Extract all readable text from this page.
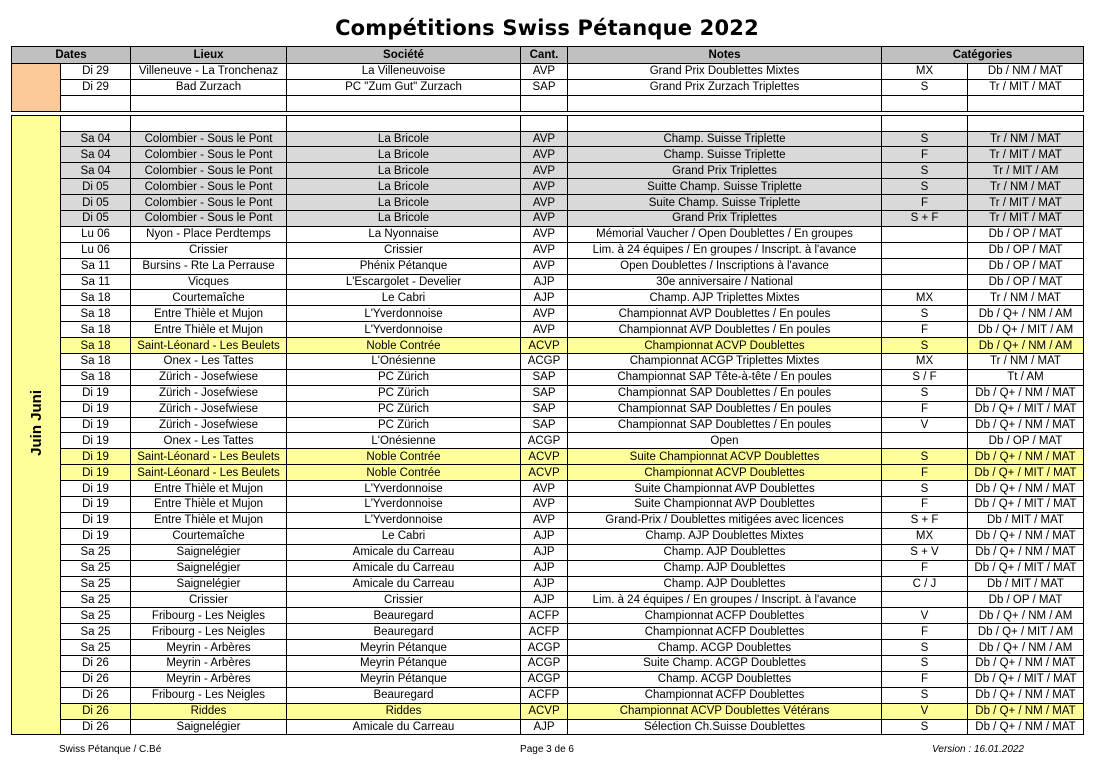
Compétitions Swiss Pétanque 2022
Dates		Lieux	Société	Cant.	Notes	Catégories	
	Di 29	Villeneuve - La Tronchenaz	La Villeneuvoise	AVP	Grand Prix Doublettes Mixtes	MX	Db / NM / MAT
	Di 29	Bad Zurzach	PC "Zum Gut" Zurzach	SAP	Grand Prix Zurzach Triplettes	S	Tr / MIT / MAT

Juin Juni							
	Sa 04	Colombier - Sous le Pont	La Bricole	AVP	Champ. Suisse Triplette	S	Tr / NM / MAT
	Sa 04	Colombier - Sous le Pont	La Bricole	AVP	Champ. Suisse Triplette	F	Tr / MIT / MAT
	Sa 04	Colombier - Sous le Pont	La Bricole	AVP	Grand Prix Triplettes	S	Tr / MIT / AM
	Di 05	Colombier - Sous le Pont	La Bricole	AVP	Suitte Champ. Suisse Triplette	S	Tr / NM / MAT
	Di 05	Colombier - Sous le Pont	La Bricole	AVP	Suite Champ. Suisse Triplette	F	Tr / MIT / MAT
	Di 05	Colombier - Sous le Pont	La Bricole	AVP	Grand Prix Triplettes	S + F	Tr / MIT / MAT
	Lu 06	Nyon - Place Perdtemps	La Nyonnaise	AVP	Mémorial Vaucher / Open Doublettes / En groupes		Db / OP / MAT
	Lu 06	Crissier	Crissier	AVP	Lim. à 24 équipes / En groupes / Inscript. à l'avance		Db / OP / MAT
	Sa 11	Bursins - Rte La Perrause	Phénix Pétanque	AVP	Open Doublettes / Inscriptions à l'avance		Db / OP / MAT
	Sa 11	Vicques	L'Escargolet - Develier	AJP	30e anniversaire / National		Db / OP / MAT
	Sa 18	Courtemaîche	Le Cabri	AJP	Champ. AJP Triplettes Mixtes	MX	Tr / NM / MAT
	Sa 18	Entre Thièle et Mujon	L'Yverdonnoise	AVP	Championnat AVP Doublettes / En poules	S	Db / Q+ / NM / AM
	Sa 18	Entre Thièle et Mujon	L'Yverdonnoise	AVP	Championnat AVP Doublettes / En poules	F	Db / Q+ / MIT / AM
	Sa 18	Saint-Léonard - Les Beulets	Noble Contrée	ACVP	Championnat ACVP Doublettes	S	Db / Q+ / NM / AM
	Sa 18	Onex - Les Tattes	L'Onésienne	ACGP	Championnat ACGP Triplettes Mixtes	MX	Tr / NM / MAT
	Sa 18	Zürich - Josefwiese	PC Zürich	SAP	Championnat SAP Tête-à-tête / En poules	S / F	Tt / AM
	Di 19	Zürich - Josefwiese	PC Zürich	SAP	Championnat SAP Doublettes / En poules	S	Db / Q+ / NM / MAT
	Di 19	Zürich - Josefwiese	PC Zürich	SAP	Championnat SAP Doublettes / En poules	F	Db / Q+ / MIT / MAT
	Di 19	Zürich - Josefwiese	PC Zürich	SAP	Championnat SAP Doublettes / En poules	V	Db / Q+ / NM / MAT
	Di 19	Onex - Les Tattes	L'Onésienne	ACGP	Open		Db / OP / MAT
	Di 19	Saint-Léonard - Les Beulets	Noble Contrée	ACVP	Suite Championnat ACVP Doublettes	S	Db / Q+ / NM / MAT
	Di 19	Saint-Léonard - Les Beulets	Noble Contrée	ACVP	Championnat ACVP Doublettes	F	Db / Q+ / MIT / MAT
	Di 19	Entre Thièle et Mujon	L'Yverdonnoise	AVP	Suite Championnat AVP Doublettes	S	Db / Q+ / NM / MAT
	Di 19	Entre Thièle et Mujon	L'Yverdonnoise	AVP	Suite Championnat AVP Doublettes	F	Db / Q+ / MIT / MAT
	Di 19	Entre Thièle et Mujon	L'Yverdonnoise	AVP	Grand-Prix / Doublettes mitigées avec licences	S + F	Db / MIT / MAT
	Di 19	Courtemaîche	Le Cabri	AJP	Champ. AJP Doublettes Mixtes	MX	Db / Q+ / NM / MAT
	Sa 25	Saignelégier	Amicale du Carreau	AJP	Champ. AJP Doublettes	S + V	Db / Q+ / NM / MAT
	Sa 25	Saignelégier	Amicale du Carreau	AJP	Champ. AJP Doublettes	F	Db / Q+ / MIT / MAT
	Sa 25	Saignelégier	Amicale du Carreau	AJP	Champ. AJP Doublettes	C / J	Db / MIT / MAT
	Sa 25	Crissier	Crissier	AJP	Lim. à 24 équipes / En groupes / Inscript. à l'avance		Db / OP / MAT
	Sa 25	Fribourg - Les Neigles	Beauregard	ACFP	Championnat ACFP Doublettes	V	Db / Q+ / NM / AM
	Sa 25	Fribourg - Les Neigles	Beauregard	ACFP	Championnat ACFP Doublettes	F	Db / Q+ / MIT / AM
	Sa 25	Meyrin - Arbères	Meyrin Pétanque	ACGP	Champ. ACGP Doublettes	S	Db / Q+ / NM / AM
	Di 26	Meyrin - Arbères	Meyrin Pétanque	ACGP	Suite Champ. ACGP Doublettes	S	Db / Q+ / NM / MAT
	Di 26	Meyrin - Arbères	Meyrin Pétanque	ACGP	Champ. ACGP Doublettes	F	Db / Q+ / MIT / MAT
	Di 26	Fribourg - Les Neigles	Beauregard	ACFP	Championnat ACFP Doublettes	S	Db / Q+ / NM / MAT
	Di 26	Riddes	Riddes	ACVP	Championnat ACVP Doublettes Vétérans	V	Db / Q+ / NM / MAT
	Di 26	Saignelégier	Amicale du Carreau	AJP	Sélection Ch.Suisse Doublettes	S	Db / Q+ / NM / MAT
Swiss Pétanque / C.Bé	Page 3 de 6	Version : 16.01.2022
